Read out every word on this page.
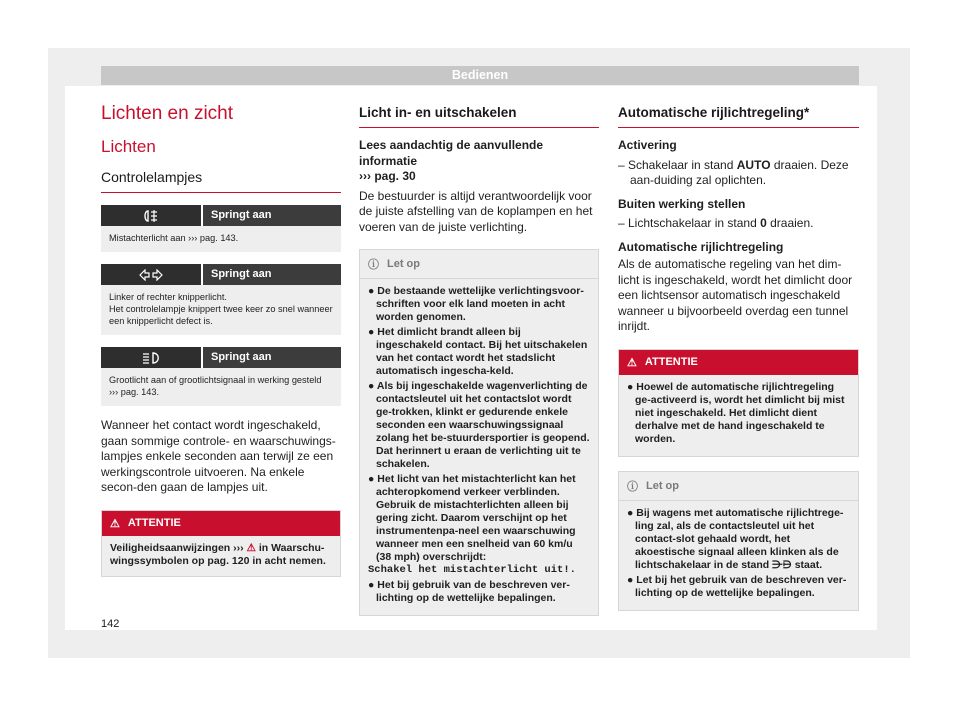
Bedienen
Lichten en zicht
Lichten
Controlelampjes
Springt aan
Mistachterlicht aan ››› pag. 143.
Springt aan
Linker of rechter knipperlicht.
Het controlelampje knippert twee keer zo snel wanneer een knipperlicht defect is.
Springt aan
Grootlicht aan of grootlichtsignaal in werking gesteld ››› pag. 143.

Wanneer het contact wordt ingeschakeld, gaan sommige controle- en waarschuwings-lampjes enkele seconden aan terwijl ze een werkingscontrole uitvoeren. Na enkele secon-den gaan de lampjes uit.

⚠ ATTENTIE
Veiligheidsaanwijzingen ››› ⚠ in Waarschu-wingssymbolen op pag. 120 in acht nemen.
Licht in- en uitschakelen

Lees aandachtig de aanvullende informatie
››› pag. 30

De bestuurder is altijd verantwoordelijk voor de juiste afstelling van de koplampen en het voeren van de juiste verlichting.

ⓘ Let op
● De bestaande wettelijke verlichtingsvoor-schriften voor elk land moeten in acht worden genomen.
● Het dimlicht brandt alleen bij ingeschakeld contact. Bij het uitschakelen van het contact wordt het stadslicht automatisch ingescha-keld.
● Als bij ingeschakelde wagenverlichting de contactsleutel uit het contactslot wordt ge-trokken, klinkt er gedurende enkele seconden een waarschuwingssignaal zolang het be-stuurdersportier is geopend. Dat herinnert u eraan de verlichting uit te schakelen.
● Het licht van het mistachterlicht kan het achteropkomend verkeer verblinden. Gebruik de mistachterlichten alleen bij gering zicht. Daarom verschijnt op het instrumentenpa-neel een waarschuwing wanneer men een snelheid van 60 km/u (38 mph) overschrijdt:
Schakel het mistachterlicht uit!.
● Het bij gebruik van de beschreven ver-lichting op de wettelijke bepalingen.
Automatische rijlichtregeling*

Activering

– Schakelaar in stand AUTO draaien. Deze aan-duiding zal oplichten.

Buiten werking stellen

– Lichtschakelaar in stand 0 draaien.

Automatische rijlichtregeling

Als de automatische regeling van het dim-licht is ingeschakeld, wordt het dimlicht door een lichtsensor automatisch ingeschakeld wanneer u bijvoorbeeld overdag een tunnel inrijdt.

⚠ ATTENTIE
● Hoewel de automatische rijlichtregeling ge-activeerd is, wordt het dimlicht bij mist niet ingeschakeld. Het dimlicht dient derhalve met de hand ingeschakeld te worden.
ⓘ Let op
● Bij wagens met automatische rijlichtrege-ling zal, als de contactsleutel uit het contact-slot gehaald wordt, het akoestische signaal alleen klinken als de lichtschakelaar in de stand ⋺⋻ staat.
● Let bij het gebruik van de beschreven ver-lichting op de wettelijke bepalingen.
142
